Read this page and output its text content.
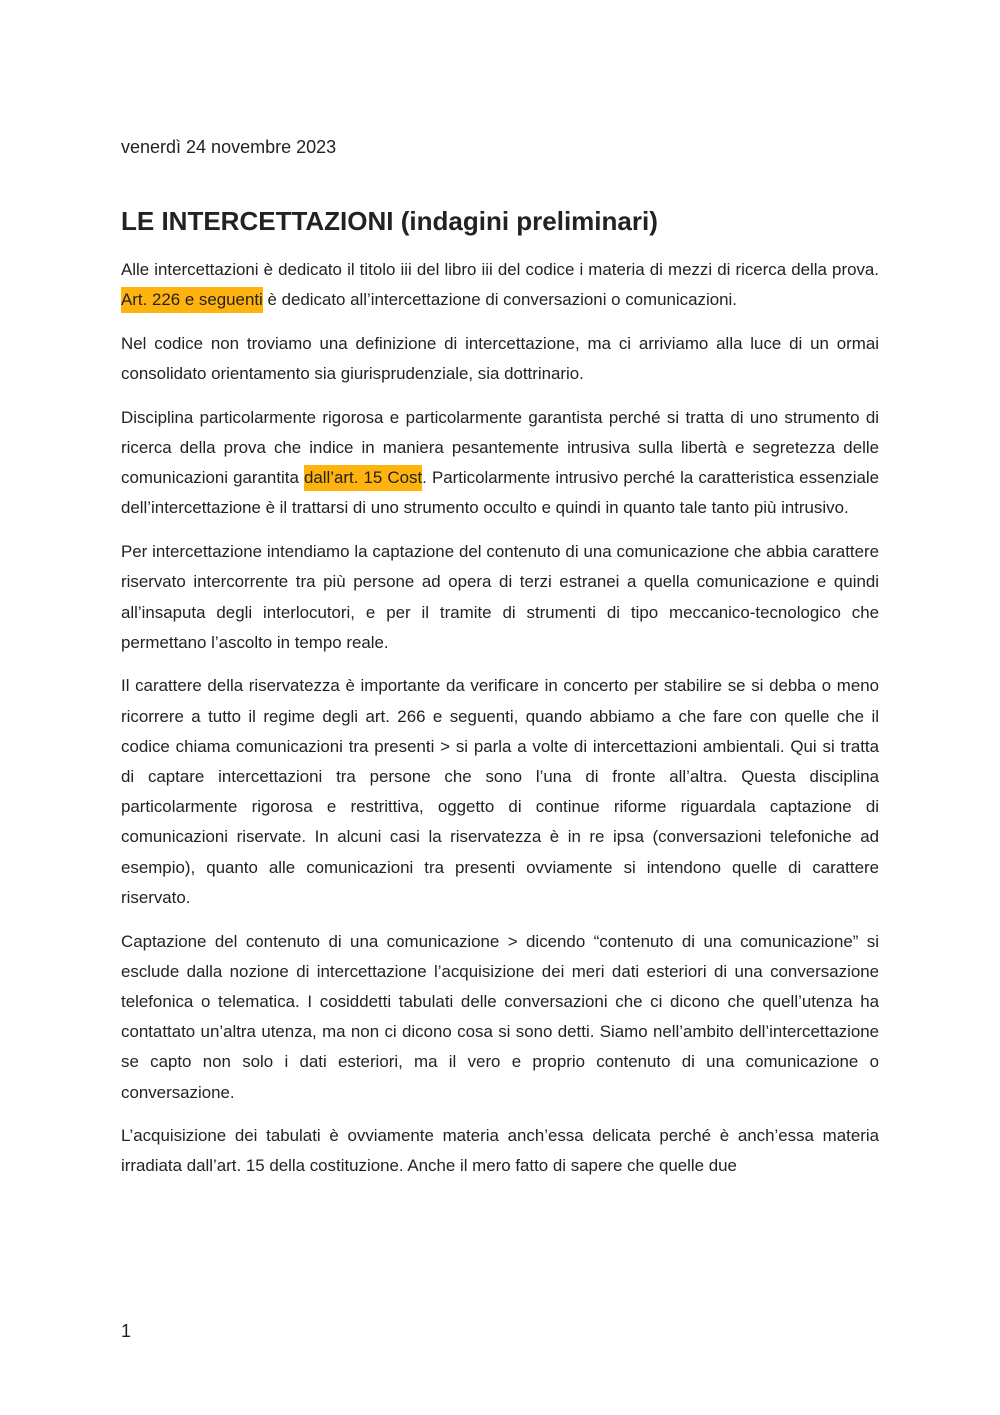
venerdì 24 novembre 2023
LE INTERCETTAZIONI (indagini preliminari)

Alle intercettazioni è dedicato il titolo iii del libro iii del codice i materia di mezzi di ricerca della prova. Art. 226 e seguenti è dedicato all’intercettazione di conversazioni o comunicazioni.

Nel codice non troviamo una definizione di intercettazione, ma ci arriviamo alla luce di un ormai consolidato orientamento sia giurisprudenziale, sia dottrinario.

Disciplina particolarmente rigorosa e particolarmente garantista perché si tratta di uno strumento di ricerca della prova che indice in maniera pesantemente intrusiva sulla libertà e segretezza delle comunicazioni garantita dall’art. 15 Cost. Particolarmente intrusivo perché la caratteristica essenziale dell’intercettazione è il trattarsi di uno strumento occulto e quindi in quanto tale tanto più intrusivo.

Per intercettazione intendiamo la captazione del contenuto di una comunicazione che abbia carattere riservato intercorrente tra più persone ad opera di terzi estranei a quella comunicazione e quindi all’insaputa degli interlocutori, e per il tramite di strumenti di tipo meccanico-tecnologico che permettano l’ascolto in tempo reale.

Il carattere della riservatezza è importante da verificare in concerto per stabilire se si debba o meno ricorrere a tutto il regime degli art. 266 e seguenti, quando abbiamo a che fare con quelle che il codice chiama comunicazioni tra presenti > si parla a volte di intercettazioni ambientali. Qui si tratta di captare intercettazioni tra persone che sono l’una di fronte all’altra. Questa disciplina particolarmente rigorosa e restrittiva, oggetto di continue riforme riguardala captazione di comunicazioni riservate. In alcuni casi la riservatezza è in re ipsa (conversazioni telefoniche ad esempio), quanto alle comunicazioni tra presenti ovviamente si intendono quelle di carattere riservato.

Captazione del contenuto di una comunicazione > dicendo “contenuto di una comunicazione” si esclude dalla nozione di intercettazione l’acquisizione dei meri dati esteriori di una conversazione telefonica o telematica. I cosiddetti tabulati delle conversazioni che ci dicono che quell’utenza ha contattato un’altra utenza, ma non ci dicono cosa si sono detti. Siamo nell’ambito dell’intercettazione se capto non solo i dati esteriori, ma il vero e proprio contenuto di una comunicazione o conversazione.

L’acquisizione dei tabulati è ovviamente materia anch’essa delicata perché è anch’essa materia irradiata dall’art. 15 della costituzione. Anche il mero fatto di sapere che quelle due

1
